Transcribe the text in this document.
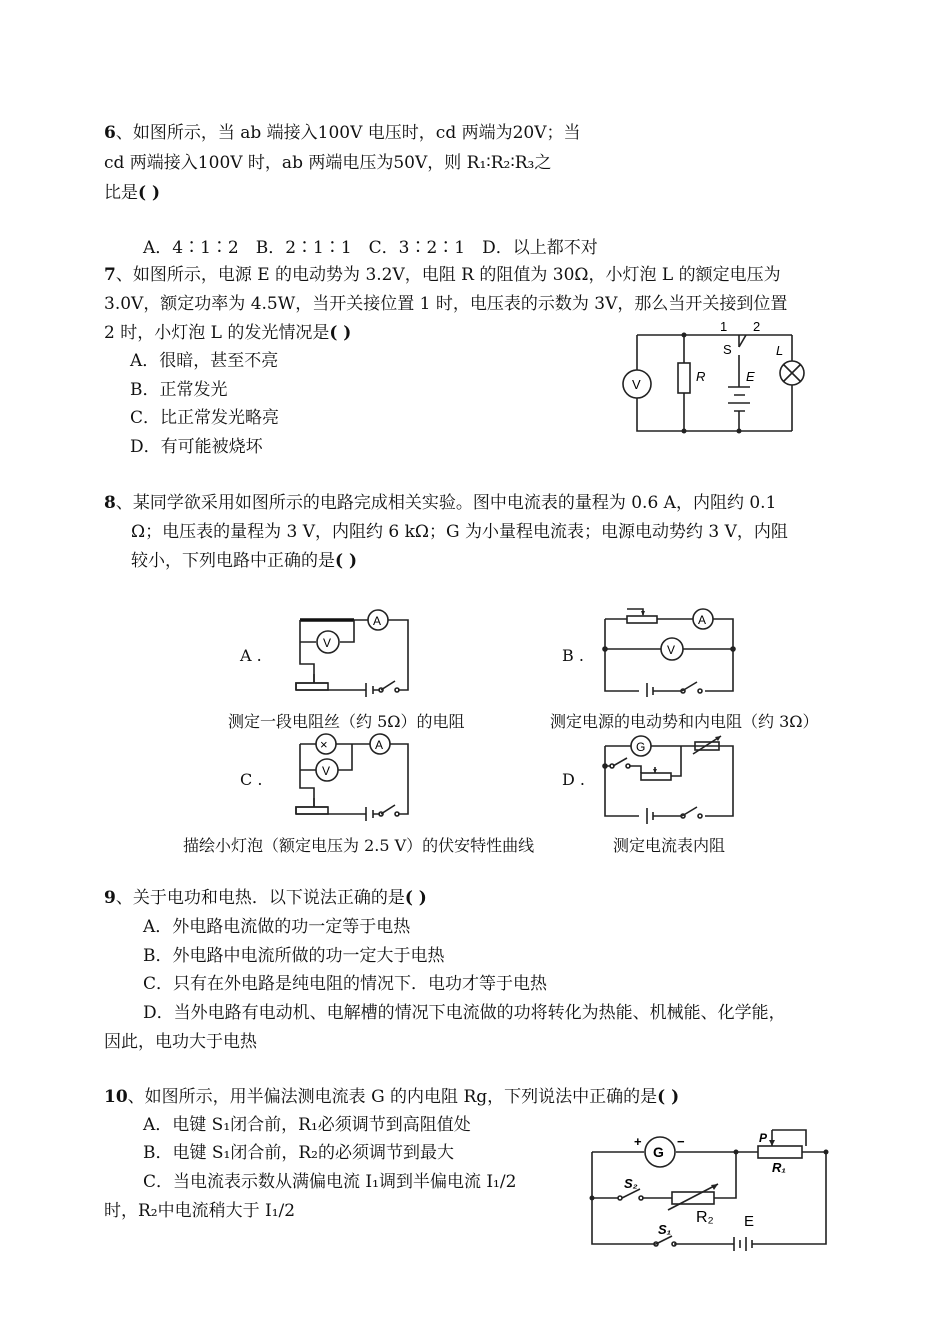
6、如图所示，当 ab 端接入100V 电压时，cd 两端为20V；当
cd 两端接入100V 时，ab 两端电压为50V，则 R₁∶R₂∶R₃之
比是( )
A．4∶1∶2　B．2∶1∶1　C．3∶2∶1　D．以上都不对
7、如图所示，电源 E 的电动势为 3.2V，电阻 R 的阻值为 30Ω，小灯泡 L 的额定电压为
3.0V，额定功率为 4.5W，当开关接位置 1 时，电压表的示数为 3V，那么当开关接到位置
2 时，小灯泡 L 的发光情况是( )
A．很暗，甚至不亮
B．正常发光
C．比正常发光略亮
D．有可能被烧坏
1 2
S
V
R	E
L
8、某同学欲采用如图所示的电路完成相关实验。图中电流表的量程为 0.6 A，内阻约 0.1
Ω；电压表的量程为 3 V，内阻约 6 kΩ；G 为小量程电流表；电源电动势约 3 V，内阻
较小，下列电路中正确的是( )
A .	B .
C .	D .
A
V
A
V
测定一段电阻丝（约 5Ω）的电阻	测定电源的电动势和内电阻（约 3Ω）
×	A
V
G
描绘小灯泡（额定电压为 2.5 V）的伏安特性曲线	测定电流表内阻
9、关于电功和电热．以下说法正确的是( )
A．外电路电流做的功一定等于电热
B．外电路中电流所做的功一定大于电热
C．只有在外电路是纯电阻的情况下．电功才等于电热
D．当外电路有电动机、电解槽的情况下电流做的功将转化为热能、机械能、化学能，
因此，电功大于电热
10、如图所示，用半偏法测电流表 G 的内电阻 Rg，下列说法中正确的是( )
A．电键 S₁闭合前，R₁必须调节到高阻值处
B．电键 S₁闭合前，R₂的必须调节到最大
C．当电流表示数从满偏电流 I₁调到半偏电流 I₁/2
时，R₂中电流稍大于 I₁/2
G
+	−	P
R₁
S₂
R₂
S₁	E
